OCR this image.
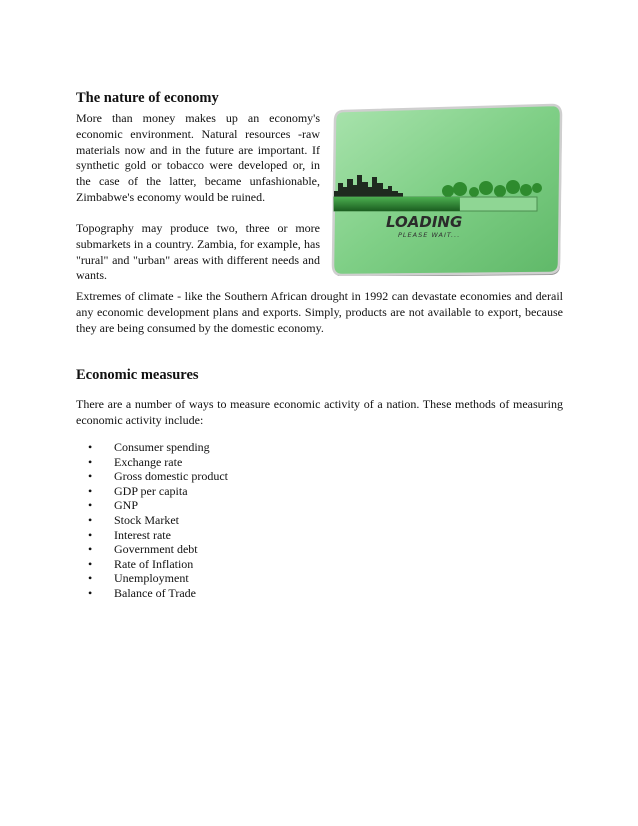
The nature of economy

More than money makes up an economy's economic environment. Natural resources -raw materials now and in the future are important. If synthetic gold or tobacco were developed or, in the case of the latter, became unfashionable, Zimbabwe's economy would be ruined.

Topography may produce two, three or more submarkets in a country. Zambia, for example, has "rural" and "urban" areas with different needs and wants.

Extremes of climate - like the Southern African drought in 1992 can devastate economies and derail any economic development plans and exports. Simply, products are not available to export, because they are being consumed by the domestic economy.

LOADING
PLEASE WAIT...
Economic measures

There are a number of ways to measure economic activity of a nation. These methods of measuring economic activity include:

• Consumer spending
• Exchange rate
• Gross domestic product
• GDP per capita
• GNP
• Stock Market
• Interest rate
• Government debt
• Rate of Inflation
• Unemployment
• Balance of Trade
